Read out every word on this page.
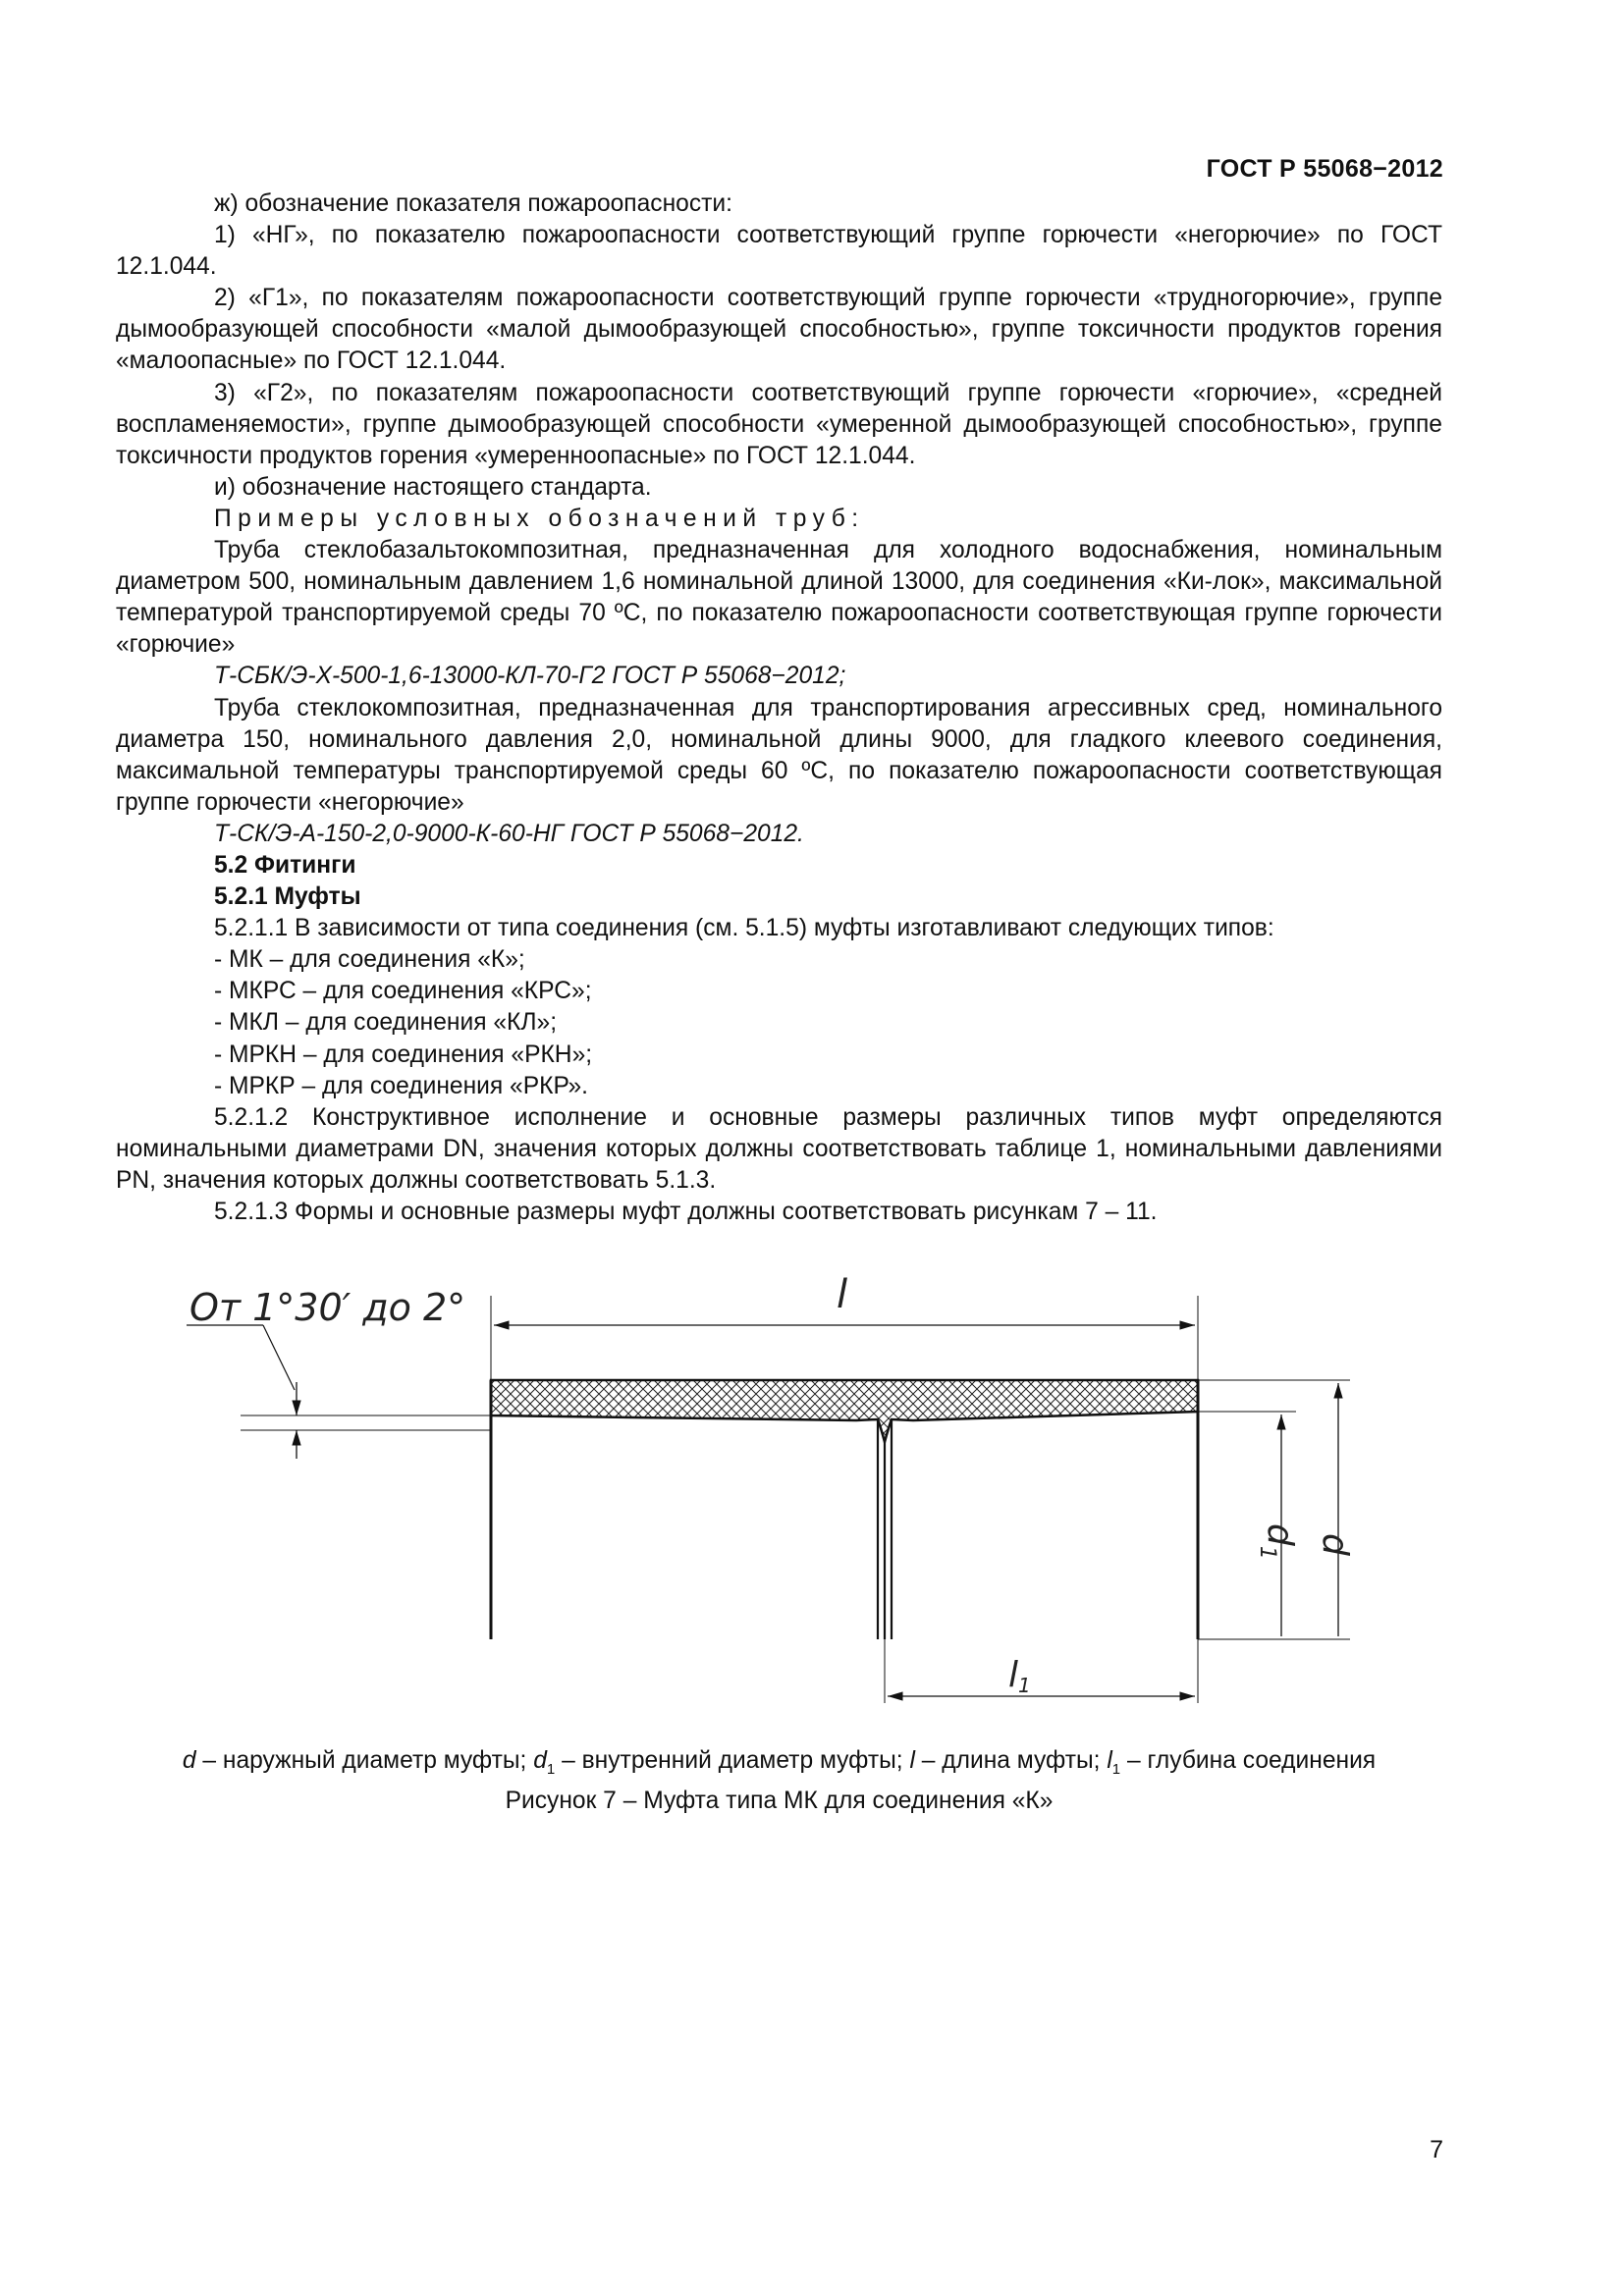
ГОСТ Р 55068−2012

ж) обозначение показателя пожароопасности:

1) «НГ», по показателю пожароопасности соответствующий группе горючести «негорючие» по ГОСТ 12.1.044.

2) «Г1», по показателям пожароопасности соответствующий группе горючести «трудногорючие», группе дымообразующей способности «малой дымообразующей способностью», группе токсичности продуктов горения «малоопасные» по ГОСТ 12.1.044.

3) «Г2», по показателям пожароопасности соответствующий группе горючести «горючие», «средней воспламеняемости», группе дымообразующей способности «умеренной дымообразующей способностью», группе токсичности продуктов горения «умеренноопасные» по ГОСТ 12.1.044.

и) обозначение настоящего стандарта.

Примеры условных обозначений труб:

Труба стеклобазальтокомпозитная, предназначенная для холодного водоснабжения, номинальным диаметром 500, номинальным давлением 1,6 номинальной длиной 13000, для соединения «Ки-лок», максимальной температурой транспортируемой среды 70 ºС, по показателю пожароопасности соответствующая группе горючести «горючие»

Т-СБК/Э-Х-500-1,6-13000-КЛ-70-Г2 ГОСТ Р 55068−2012;

Труба стеклокомпозитная, предназначенная для транспортирования агрессивных сред, номинального диаметра 150, номинального давления 2,0, номинальной длины 9000, для гладкого клеевого соединения, максимальной температуры транспортируемой среды 60 ºС, по показателю пожароопасности соответствующая группе горючести «негорючие»

Т-СК/Э-А-150-2,0-9000-К-60-НГ ГОСТ Р 55068−2012.

5.2 Фитинги

5.2.1 Муфты

5.2.1.1 В зависимости от типа соединения (см. 5.1.5) муфты изготавливают следующих типов:

- МК – для соединения «К»;

- МКРС – для соединения «КРС»;

- МКЛ – для соединения «КЛ»;

- МРКН – для соединения «РКН»;

- МРКР – для соединения «РКР».

5.2.1.2 Конструктивное исполнение и основные размеры различных типов муфт определяются номинальными диаметрами DN, значения которых должны соответствовать таблице 1, номинальными давлениями PN, значения которых должны соответствовать 5.1.3.

5.2.1.3 Формы и основные размеры муфт должны соответствовать рисункам 7 – 11.

От 1°30′ до 2°	l
$d_1$	d
l1
d – наружный диаметр муфты; $d_1$ – внутренний диаметр муфты; l – длина муфты; $l_1$ – глубина соединения
Рисунок 7 – Муфта типа МК для соединения «К»
7
